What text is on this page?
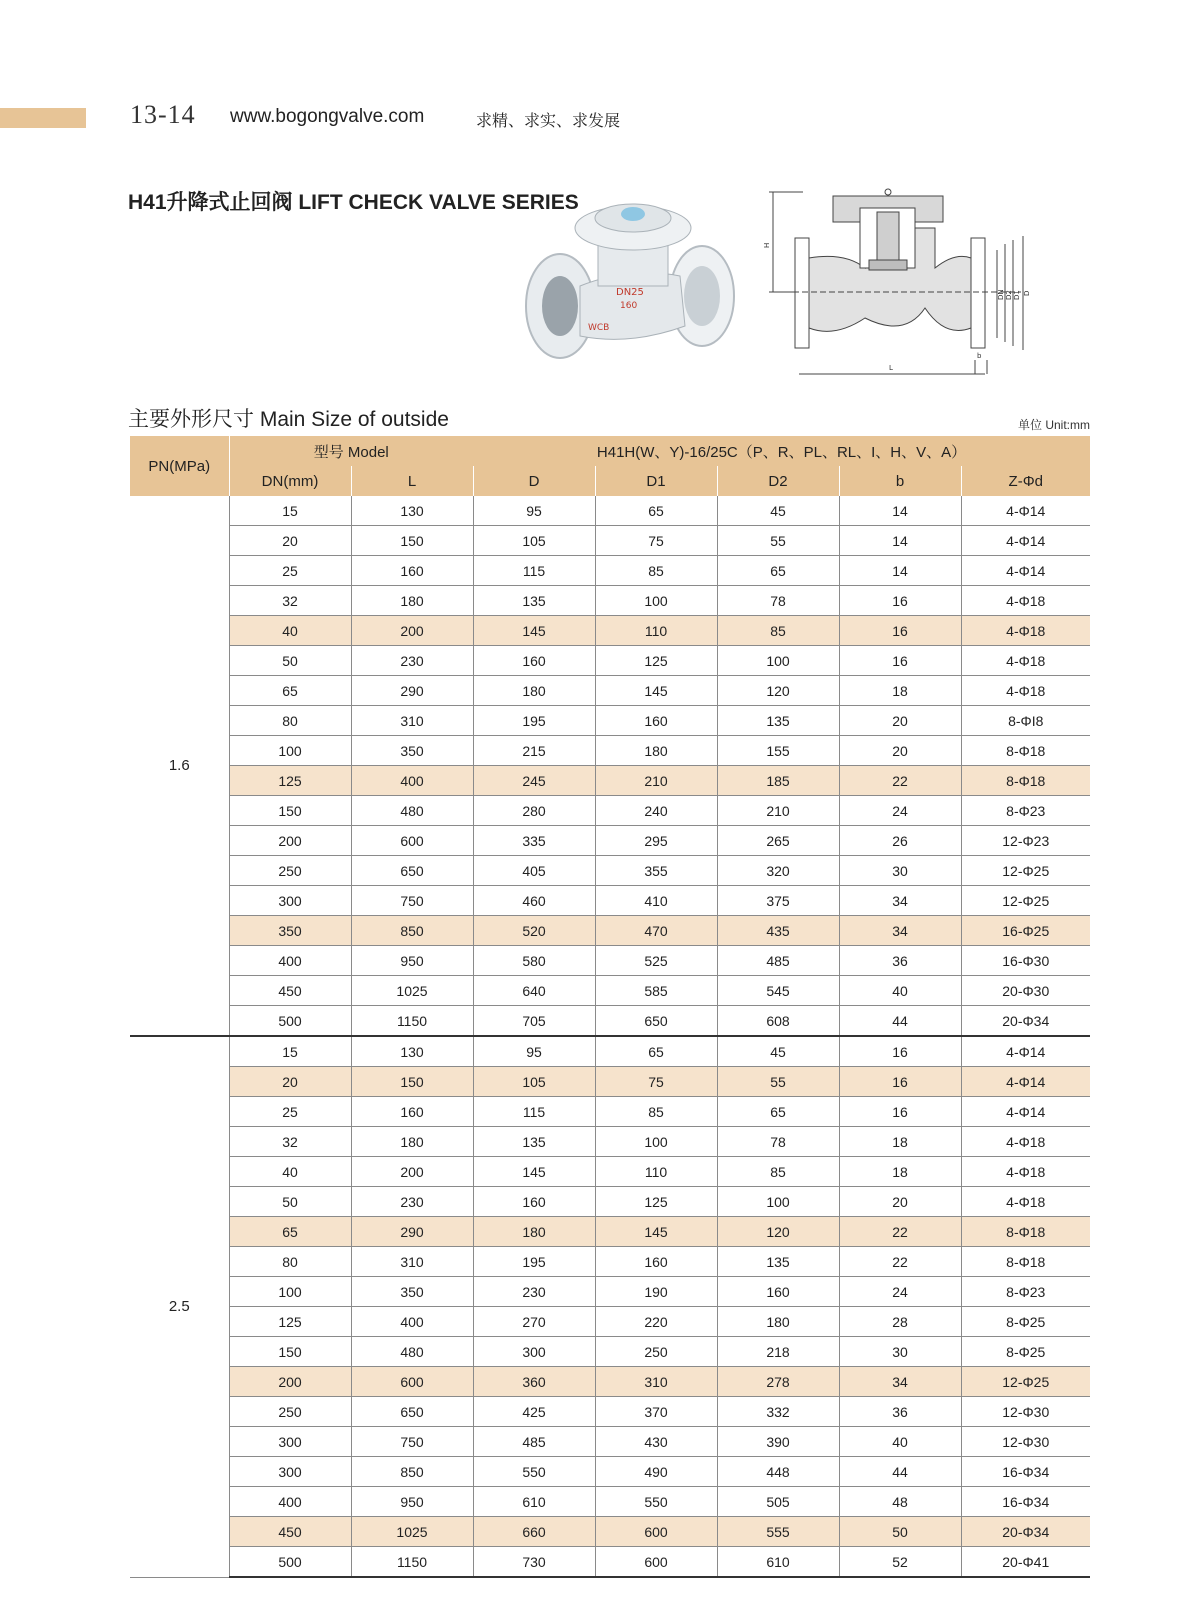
13-14 www.bogongvalve.com	求精、求实、求发展
H41升降式止回阀 LIFT CHECK VALVE SERIES
DN25
160
WCB
H
L
DN D2 D1 D
b
主要外形尺寸 Main Size of outside	单位 Unit:mm
PN(MPa)	型号 Model		H41H(W、Y)-16/25C（P、R、PL、RL、I、H、V、A）				
	DN(mm)	L	D	D1	D2	b	Z-Φd
1.6	15	130	95	65	45	14	4-Φ14
	20	150	105	75	55	14	4-Φ14
	25	160	115	85	65	14	4-Φ14
	32	180	135	100	78	16	4-Φ18
	40	200	145	110	85	16	4-Φ18
	50	230	160	125	100	16	4-Φ18
	65	290	180	145	120	18	4-Φ18
	80	310	195	160	135	20	8-ΦI8
	100	350	215	180	155	20	8-Φ18
	125	400	245	210	185	22	8-Φ18
	150	480	280	240	210	24	8-Φ23
	200	600	335	295	265	26	12-Φ23
	250	650	405	355	320	30	12-Φ25
	300	750	460	410	375	34	12-Φ25
	350	850	520	470	435	34	16-Φ25
	400	950	580	525	485	36	16-Φ30
	450	1025	640	585	545	40	20-Φ30
	500	1150	705	650	608	44	20-Φ34
2.5	15	130	95	65	45	16	4-Φ14
	20	150	105	75	55	16	4-Φ14
	25	160	115	85	65	16	4-Φ14
	32	180	135	100	78	18	4-Φ18
	40	200	145	110	85	18	4-Φ18
	50	230	160	125	100	20	4-Φ18
	65	290	180	145	120	22	8-Φ18
	80	310	195	160	135	22	8-Φ18
	100	350	230	190	160	24	8-Φ23
	125	400	270	220	180	28	8-Φ25
	150	480	300	250	218	30	8-Φ25
	200	600	360	310	278	34	12-Φ25
	250	650	425	370	332	36	12-Φ30
	300	750	485	430	390	40	12-Φ30
	300	850	550	490	448	44	16-Φ34
	400	950	610	550	505	48	16-Φ34
	450	1025	660	600	555	50	20-Φ34
	500	1150	730	600	610	52	20-Φ41
